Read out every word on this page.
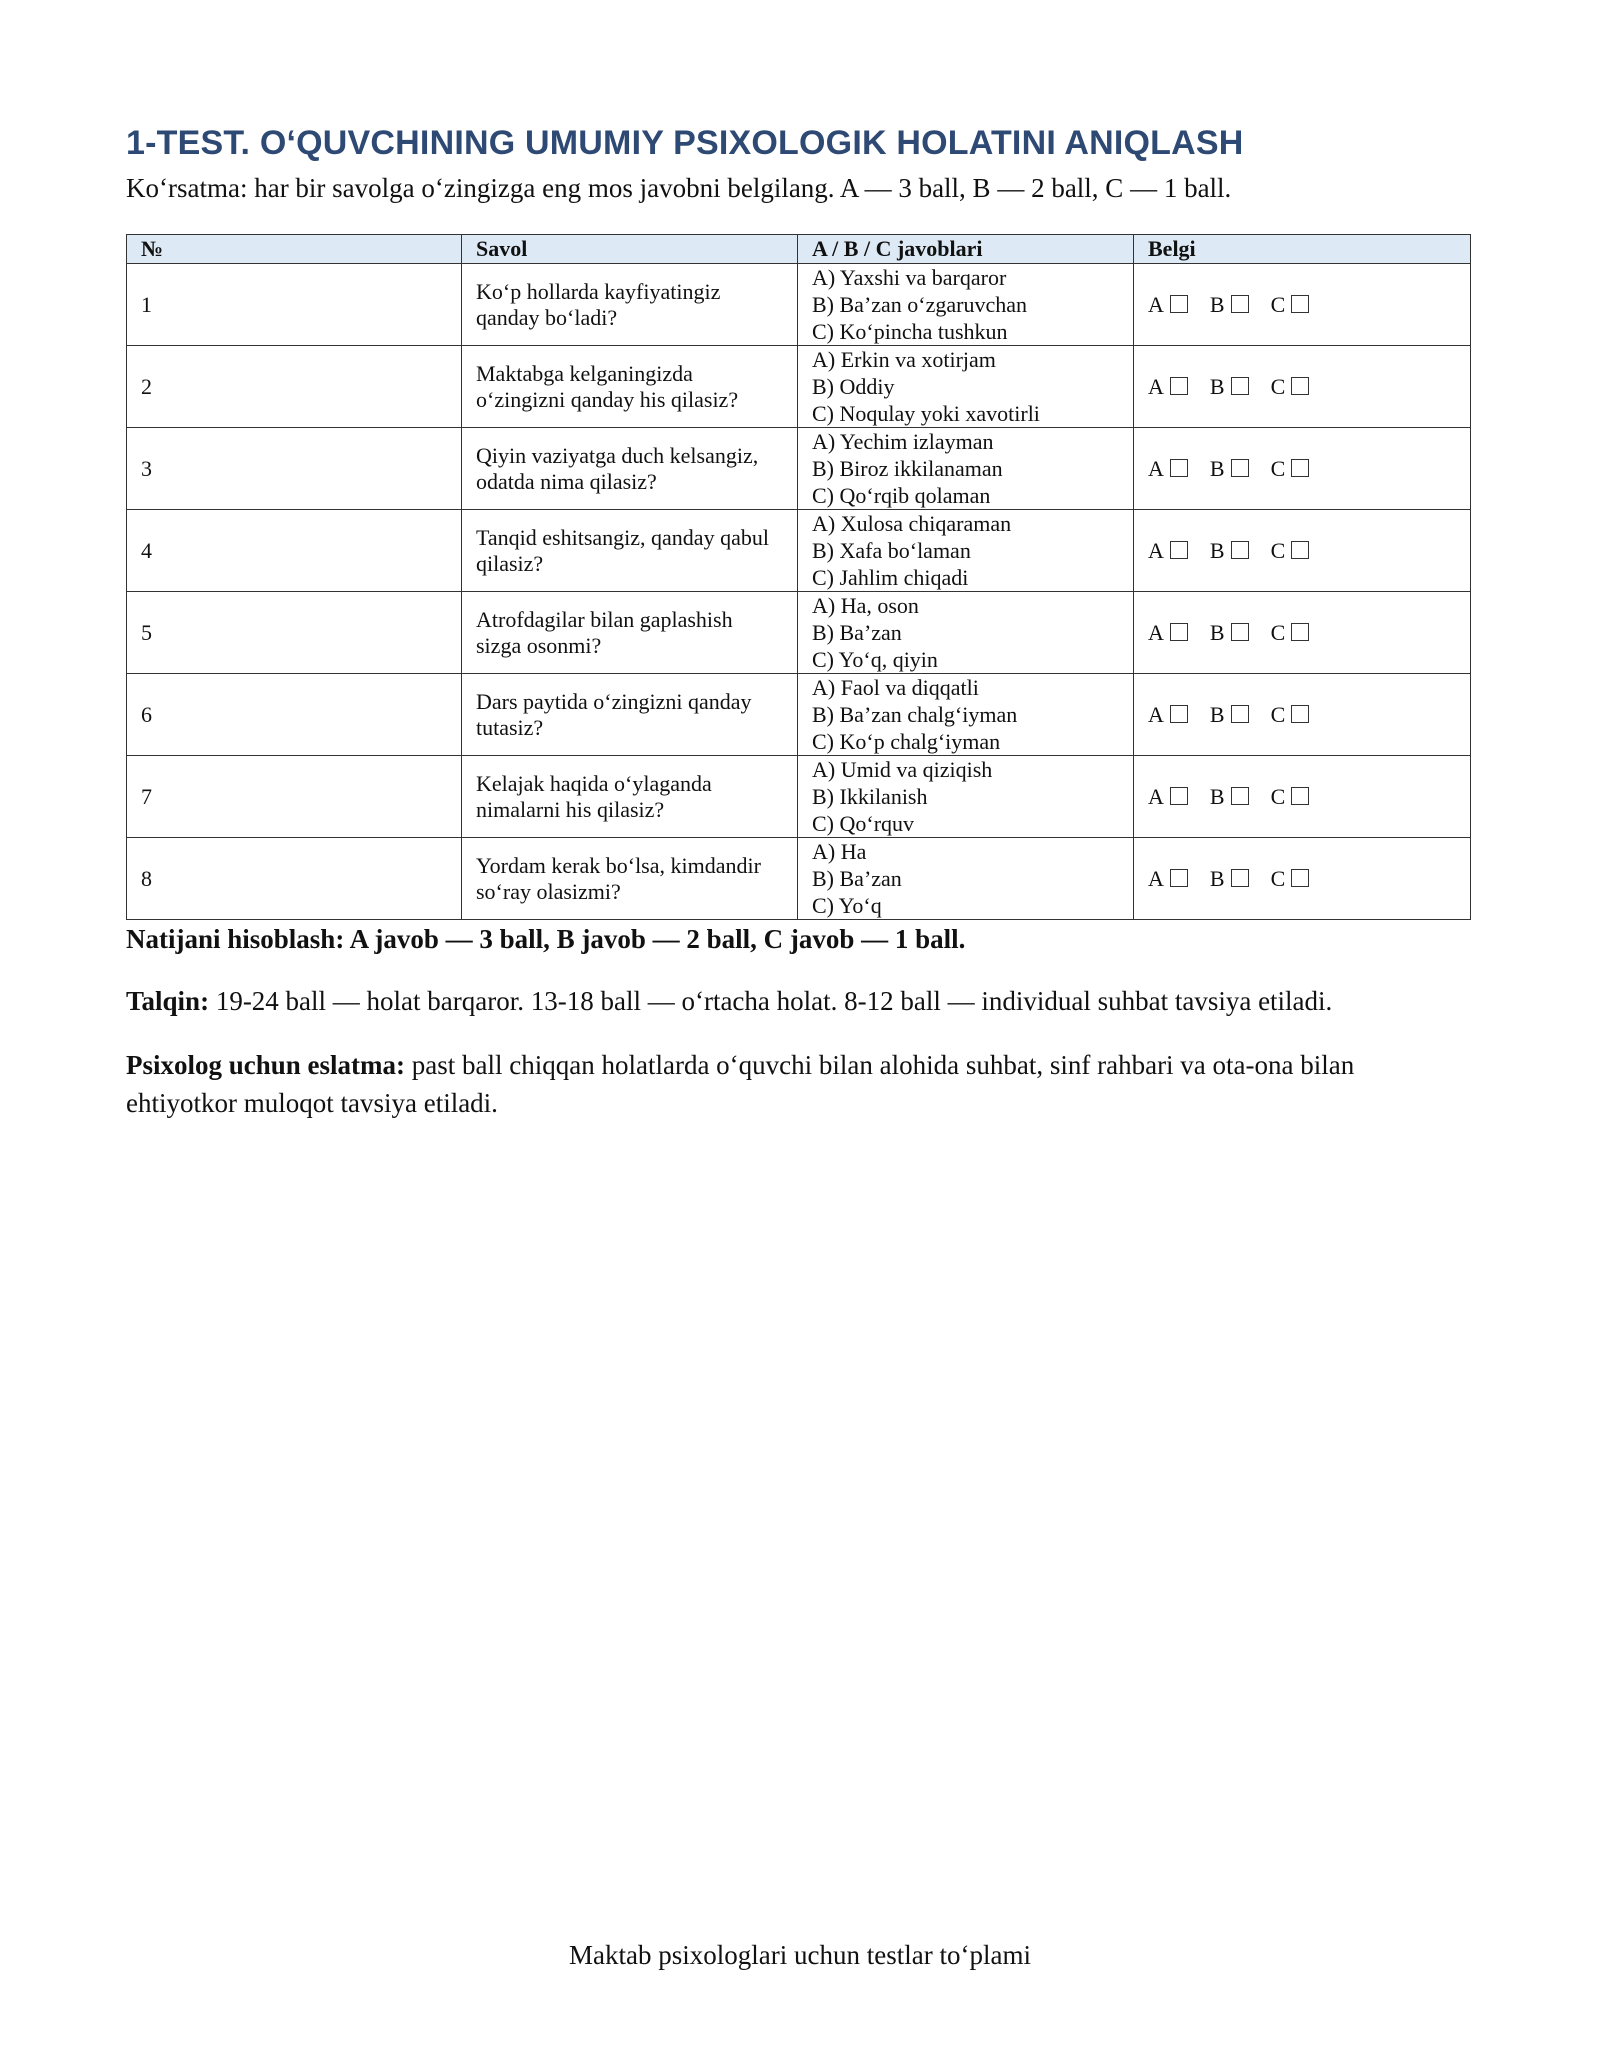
1-TEST. O‘QUVCHINING UMUMIY PSIXOLOGIK HOLATINI ANIQLASH
Ko‘rsatma: har bir savolga o‘zingizga eng mos javobni belgilang. A — 3 ball, B — 2 ball, C — 1 ball.
№	Savol	A / B / C javoblari	Belgi
1	Ko‘p hollarda kayfiyatingiz qanday bo‘ladi?	A) Yaxshi va barqaror
B) Ba’zan o‘zgaruvchan
C) Ko‘pincha tushkun	A B C

2	Maktabga kelganingizda o‘zingizni qanday his qilasiz?	A) Erkin va xotirjam
B) Oddiy
C) Noqulay yoki xavotirli	A B C

3	Qiyin vaziyatga duch kelsangiz, odatda nima qilasiz?	A) Yechim izlayman
B) Biroz ikkilanaman
C) Qo‘rqib qolaman	A B C

4	Tanqid eshitsangiz, qanday qabul qilasiz?	A) Xulosa chiqaraman
B) Xafa bo‘laman
C) Jahlim chiqadi	A B C

5	Atrofdagilar bilan gaplashish sizga osonmi?	A) Ha, oson
B) Ba’zan
C) Yo‘q, qiyin	A B C

6	Dars paytida o‘zingizni qanday tutasiz?	A) Faol va diqqatli
B) Ba’zan chalg‘iyman
C) Ko‘p chalg‘iyman	A B C

7	Kelajak haqida o‘ylaganda nimalarni his qilasiz?	A) Umid va qiziqish
B) Ikkilanish
C) Qo‘rquv	A B C

8	Yordam kerak bo‘lsa, kimdandir so‘ray olasizmi?	A) Ha
B) Ba’zan
C) Yo‘q	A B C
Natijani hisoblash: A javob — 3 ball, B javob — 2 ball, C javob — 1 ball.
Talqin: 19-24 ball — holat barqaror. 13-18 ball — o‘rtacha holat. 8-12 ball — individual suhbat tavsiya etiladi.
Psixolog uchun eslatma: past ball chiqqan holatlarda o‘quvchi bilan alohida suhbat, sinf rahbari va ota-ona bilan ehtiyotkor muloqot tavsiya etiladi.
Maktab psixologlari uchun testlar to‘plami
